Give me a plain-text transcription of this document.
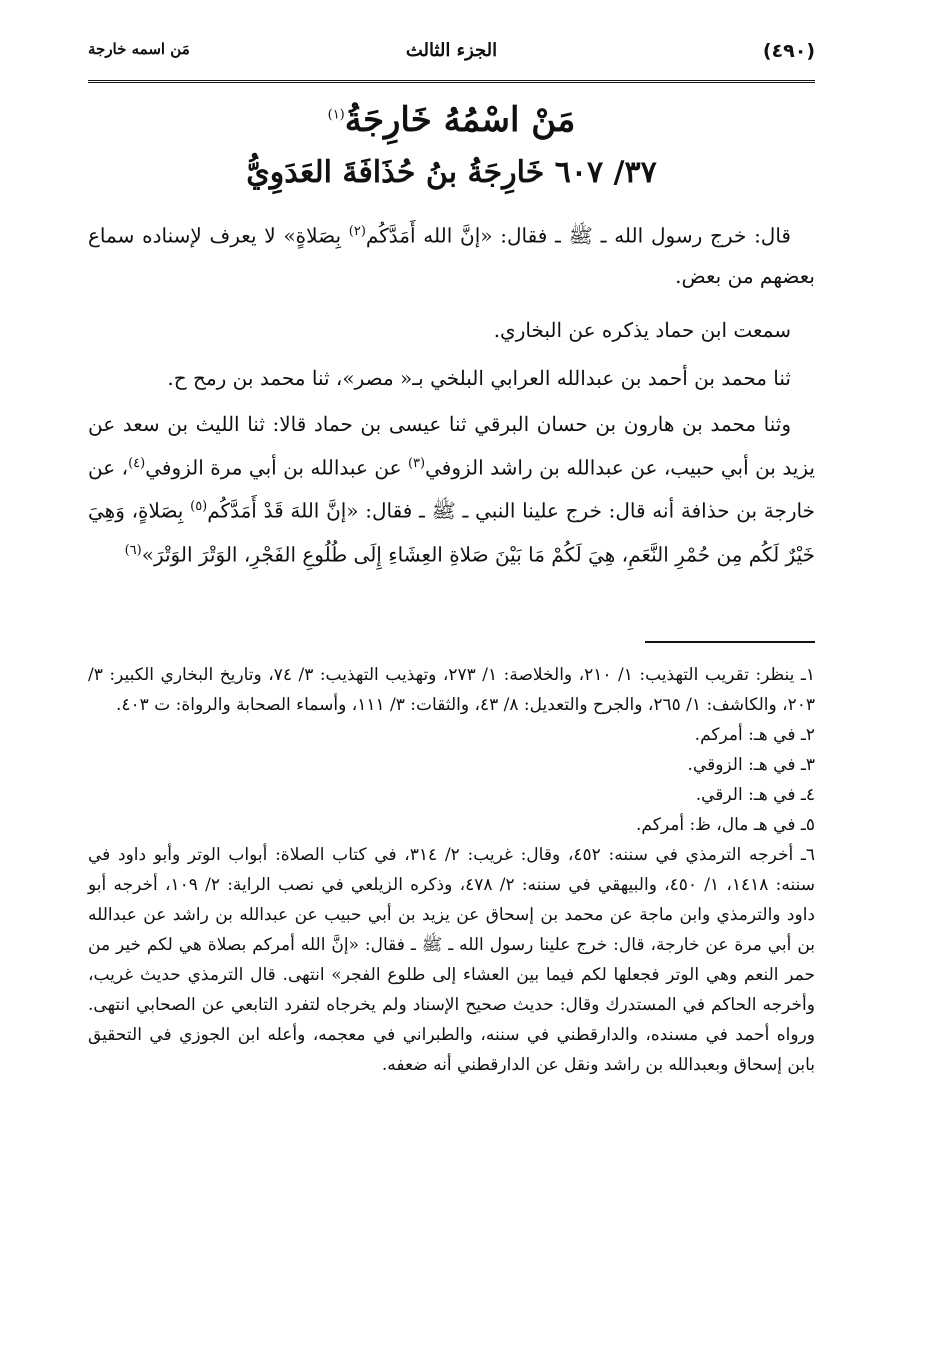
(٤٩٠)
الجزء الثالث
مَن اسمه خارجة
مَنْ اسْمُهُ خَارِجَةُ$^{(١)}$
٣٧/ ٦٠٧ خَارِجَةُ بنُ حُذَافَةَ العَدَوِيُّ

قال: خرج رسول الله ـ ﷺ ـ فقال: «إنَّ الله أَمَدَّكُم$^{(٢)}$ بِصَلاةٍ» لا يعرف لإسناده سماع بعضهم من بعض.

سمعت ابن حماد يذكره عن البخاري.

ثنا محمد بن أحمد بن عبدالله العرابي البلخي بـ« مصر»، ثنا محمد بن رمح ح.

وثنا محمد بن هارون بن حسان البرقي ثنا عيسى بن حماد قالا: ثنا الليث بن سعد عن يزيد بن أبي حبيب، عن عبدالله بن راشد الزوفي$^{(٣)}$ عن عبدالله بن أبي مرة الزوفي$^{(٤)}$، عن خارجة بن حذافة أنه قال: خرج علينا النبي ـ ﷺ ـ فقال: «إنَّ اللهَ قَدْ أَمَدَّكُم$^{(٥)}$ بِصَلاةٍ، وَهِيَ خَيْرٌ لَكُم مِن حُمْرِ النَّعَمِ، هِيَ لَكُمْ مَا بَيْنَ صَلاةِ العِشَاءِ إِلَى طُلُوعِ الفَجْرِ، الوَتْرَ الوَتْرَ»$^{(٦)}$

١ـ ينظر: تقريب التهذيب: ١/ ٢١٠، والخلاصة: ١/ ٢٧٣، وتهذيب التهذيب: ٣/ ٧٤، وتاريخ البخاري الكبير: ٣/ ٢٠٣، والكاشف: ١/ ٢٦٥، والجرح والتعديل: ٨/ ٤٣، والثقات: ٣/ ١١١، وأسماء الصحابة والرواة: ت ٤٠٣.

٢ـ في هـ: أمركم.

٣ـ في هـ: الزوقي.

٤ـ في هـ: الرقي.

٥ـ في هـ مال، ظ: أمركم.

٦ـ أخرجه الترمذي في سننه: ٤٥٢، وقال: غريب: ٢/ ٣١٤، في كتاب الصلاة: أبواب الوتر وأبو داود في سننه: ١٤١٨، ١/ ٤٥٠، والبيهقي في سننه: ٢/ ٤٧٨، وذكره الزيلعي في نصب الراية: ٢/ ١٠٩، أخرجه أبو داود والترمذي وابن ماجة عن محمد بن إسحاق عن يزيد بن أبي حبيب عن عبدالله بن راشد عن عبدالله بن أبي مرة عن خارجة، قال: خرج علينا رسول الله ـ ﷺ ـ فقال: «إنَّ الله أمركم بصلاة هي لكم خير من حمر النعم وهي الوتر فجعلها لكم فيما بين العشاء إلى طلوع الفجر» انتهى. قال الترمذي حديث غريب، وأخرجه الحاكم في المستدرك وقال: حديث صحيح الإسناد ولم يخرجاه لتفرد التابعي عن الصحابي انتهى. ورواه أحمد في مسنده، والدارقطني في سننه، والطبراني في معجمه، وأعله ابن الجوزي في التحقيق بابن إسحاق وبعبدالله بن راشد ونقل عن الدارقطني أنه ضعفه.
